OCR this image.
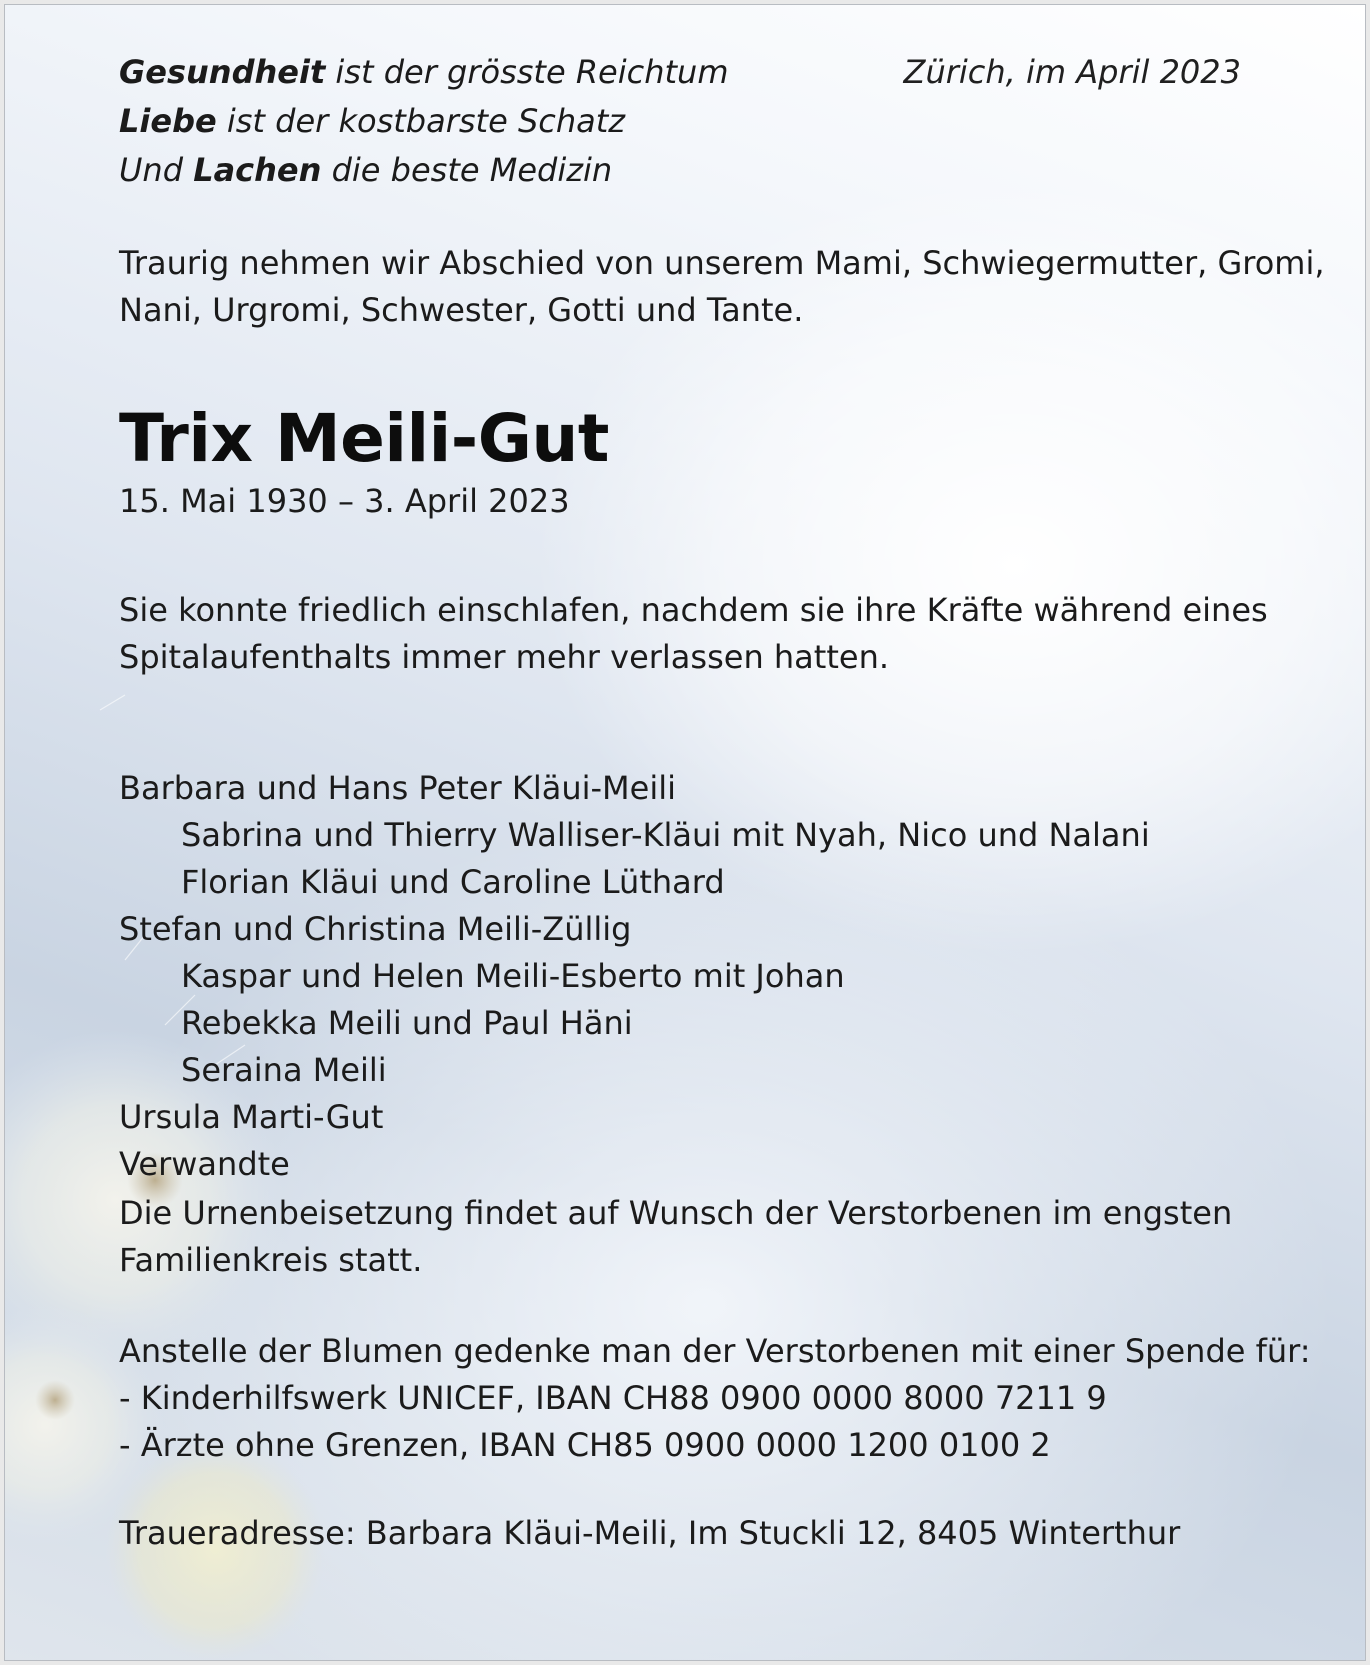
Gesundheit ist der grösste Reichtum
Liebe ist der kostbarste Schatz
Und Lachen die beste Medizin
Zürich, im April 2023
Traurig nehmen wir Abschied von unserem Mami, Schwiegermutter, Gromi,
Nani, Urgromi, Schwester, Gotti und Tante.
Trix Meili-Gut
15. Mai 1930 – 3. April 2023
Sie konnte friedlich einschlafen, nachdem sie ihre Kräfte während eines
Spitalaufenthalts immer mehr verlassen hatten.
Barbara und Hans Peter Kläui-Meili
Sabrina und Thierry Walliser-Kläui mit Nyah, Nico und Nalani
Florian Kläui und Caroline Lüthard
Stefan und Christina Meili-Züllig
Kaspar und Helen Meili-Esberto mit Johan
Rebekka Meili und Paul Häni
Seraina Meili
Ursula Marti-Gut
Verwandte
Die Urnenbeisetzung findet auf Wunsch der Verstorbenen im engsten
Familienkreis statt.
Anstelle der Blumen gedenke man der Verstorbenen mit einer Spende für:
- Kinderhilfswerk UNICEF, IBAN CH88 0900 0000 8000 7211 9
- Ärzte ohne Grenzen, IBAN CH85 0900 0000 1200 0100 2
Traueradresse: Barbara Kläui-Meili, Im Stuckli 12, 8405 Winterthur
